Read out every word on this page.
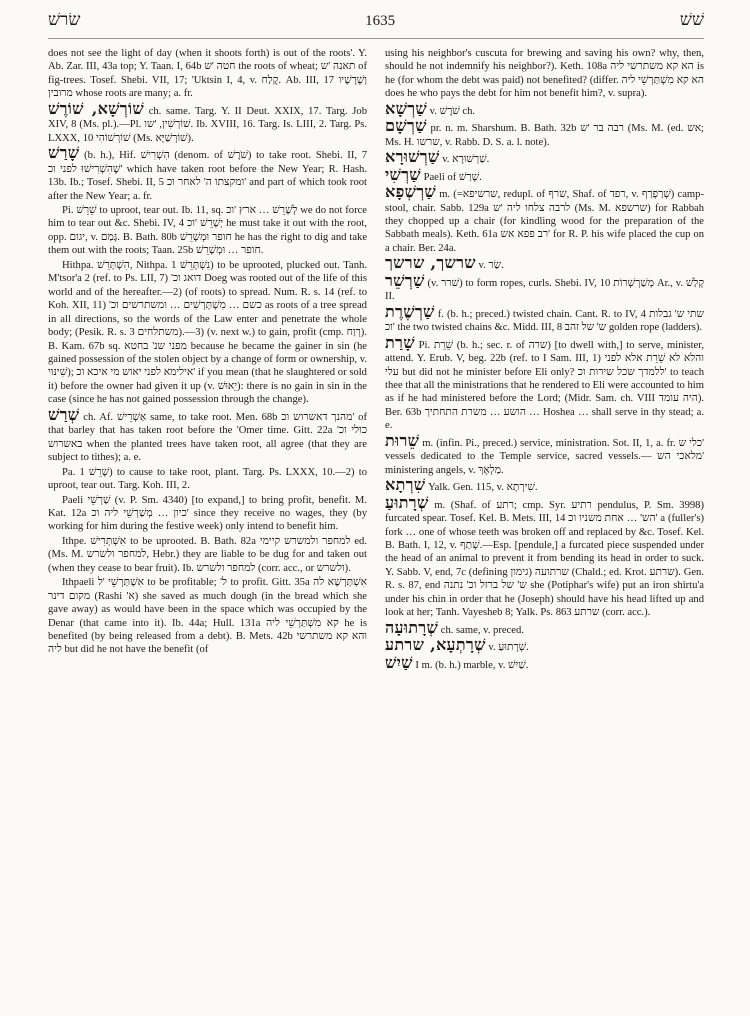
שׂרשׁ	1635	שׁשׁ

does not see the light of day (when it shoots forth) is out of the roots'. Y. Ab. Zar. III, 43a top; Y. Taan. I, 64b חטה 'ש the roots of wheat; תאנה 'ש of fig-trees. Tosef. Shebi. VII, 17; 'Uktsin I, 4, v. קֶלַח. Ab. III, 17 וְשָׁרָשָׁיו מרובין whose roots are many; a. fr.

שׁוֹרְשָׁא, שׁוֹרֶשׁ ch. same. Targ. Y. II Deut. XXIX, 17. Targ. Job XIV, 8 (Ms. pl.).—Pl. שׁוֹרְשִׁין, 'שו. Ib. XVIII, 16. Targ. Is. LIII, 2. Targ. Ps. LXXX, 10 שׁוֹרְשׁוֹהִי (Ms. שׁוֹרְשַׁיָּא).

שָׁרַשׁ (b. h.), Hif. הִשְׁרִישׁ (denom. of שֹׁרֶשׁ) to take root. Shebi. II, 7 שֶׁהִשְׁרִישׁוּ לפני וכ' which have taken root before the New Year; R. Hash. 13b. Ib.; Tosef. Shebi. II, 5 ומקצתו ה' לאחר וכ' and part of which took root after the New Year; a. fr.

Pi. שֵׁרֵשׁ to uproot, tear out. Ib. 11, sq. לְשָׁרֵשׁ … ארץ 'וכ we do not force him to tear out &c. Shebi. IV, 4 יְשָׁרֵשׁ 'וכ he must take it out with the root, opp. יגום, v. גָּמַם. B. Bath. 80b חופר וּמְשָׁרֵשׁ he has the right to dig and take them out with the roots; Taan. 25b חופר … וּמְשָׁרֵשׁ.

Hithpa. הִשְׁתָּרֵשׁ, Nithpa. נִשְׁתָּרֵשׁ 1) to be uprooted, plucked out. Tanh. M'tsor'a 2 (ref. to Ps. LII, 7) 'דואג וכ Doeg was rooted out of the life of this world and of the hereafter.—2) (of roots) to spread. Num. R. s. 14 (ref. to Koh. XII, 11) 'כשם … מִשְׁתָּרְשִׁים … ומשתרשים וכ as roots of a tree spread in all directions, so the words of the Law enter and penetrate the whole body; (Pesik. R. s. 3 משתלחים).—3) (v. next w.) to gain, profit (cmp. רְוַח). B. Kam. 67b sq. מפני שנ' בחטא because he became the gainer in sin (he gained possession of the stolen object by a change of form or ownership, v. שִׁינּוּי); אילימא לפני יאוש מי איכא וכ' if you mean (that he slaughtered or sold it) before the owner had given it up (v. יֵאוּשׁ): there is no gain in sin in the case (since he has not gained possession through the change).

שְׁרַשׁ ch. Af. אַשְׁרֵישׁ same, to take root. Men. 68b מהנך דאשרוש וכ' of that barley that has taken root before the 'Omer time. Gitt. 22a כולי וכ' באשרוש when the planted trees have taken root, all agree (that they are subject to tithes); a. e.

Pa. שָׁרֵשׁ 1) to cause to take root, plant. Targ. Ps. LXXX, 10.—2) to uproot, tear out. Targ. Koh. III, 2.

Paeli שַׁרְשֵׁי (v. P. Sm. 4340) [to expand,] to bring profit, benefit. M. Kat. 12a כיון … מְשַׁרְשֵׁי ליה וכ' since they receive no wages, they (by working for him during the festive week) only intend to benefit him.

Ithpe. אִשְׁתְּרִישׁ to be uprooted. B. Bath. 82a למחפר ולמשרש קיימי ed. (Ms. M. למחפר ולשרש, Hebr.) they are liable to be dug for and taken out (when they cease to bear fruit). Ib. למחפר ולשרש (corr. acc., or ולשרש).

Ithpaeli אִשְׁתַּרְשֵׁי 'ל to be profitable; 'ל to profit. Gitt. 35a אִשְׁתַּרְשָׁא לה מקום דינר (Rashi 'א) she saved as much dough (in the bread which she gave away) as would have been in the space which was occupied by the Denar (that came into it). Ib. 44a; Hull. 131a קא מִשְׁתַּרְשֵׁי ליה he is benefited (by being released from a debt). B. Mets. 42b והא קא משתרשי ליה but did he not have the benefit (of

using his neighbor's cuscuta for brewing and saving his own? why, then, should he not indemnify his neighbor?). Keth. 108a הא קא משתרשי ליה is he (for whom the debt was paid) not benefited? (differ. הא קא מִשְׁתַּרְשֵׁי ליה does he who pays the debt for him not benefit him?, v. supra).

שַׁרְשָׁא v. שֹׁרֶשׁ ch.

שַׁרְשָׁם pr. n. m. Sharshum. B. Bath. 32b רבה בר 'ש (Ms. M. (ed. אש; Ms. H. שרשו, v. Rabb. D. S. a. l. note).

שַׁרְשׁוּרָא v. שַׁרְשׁוּרָא.

שַׁרְשִׁי Paeli of שָׁרַשׁ.

שַׁרְשְׁפָא m. (=שרשיפא, redupl. of שרף, Shaf. of רפד, v. שְׁרַפְרַף) camp-stool, chair. Sabb. 129a לרבה צלחו ליה 'ש (Ms. M. שרשפא) for Rabbah they chopped up a chair (for kindling wood for the preparation of the Sabbath meals). Keth. 61a רב פפא אש' for R. P. his wife placed the cup on a chair. Ber. 24a.

שרשך, שרשך v. שַׂר.

שַׁרְשֵׁר (v. שׁרר) to form ropes, curls. Shebi. IV, 10 מְשַׁרְשְׁרוֹת Ar., v. קָלַשׁ II.

שַׁרְשֶׁרֶת f. (b. h.; preced.) twisted chain. Cant. R. to IV, 4 שתי ש' גבלות וכ' the two twisted chains &c. Midd. III, 8 ש' של זהב golden rope (ladders).

שָׁרַת Pi. שֵׁרֵת (b. h.; sec. r. of שרה) [to dwell with,] to serve, minister, attend. Y. Erub. V, beg. 22b (ref. to I Sam. III, 1) והלא לא שֵׁרֵת אלא לפני עלי but did not he minister before Eli only? ללמדך שכל שירות וכ' to teach thee that all the ministrations that he rendered to Eli were accounted to him as if he had ministered before the Lord; (Midr. Sam. ch. VIII היה עומד). Ber. 63b הושע … משרת התחתיך … Hoshea … shall serve in thy stead; a. e.

שֵׁרוּת m. (infin. Pi., preced.) service, ministration. Sot. II, 1, a. fr. כלי ש' vessels dedicated to the Temple service, sacred vessels.— מלאכי הש' ministering angels, v. מַלְאָךְ.

שִׁרְתָא Yalk. Gen. 115, v. שִׁירְתָא.

שְׁרָתוּעַ m. (Shaf. of רתע; cmp. Syr. רתיע pendulus, P. Sm. 3998) furcated spear. Tosef. Kel. B. Mets. III, 14 הש' … אחת משניו וכ' a (fuller's) fork … one of whose teeth was broken off and replaced by &c. Tosef. Kel. B. Bath. I, 12, v. שְׁתַף.—Esp. [pendule,] a furcated piece suspended under the head of an animal to prevent it from bending its head in order to suck. Y. Sabb. V, end, 7c (defining שרתועה (גימון (Chald.; ed. Krot. שרתע). Gen. R. s. 87, end ש' של ברזל וכ' נתנה she (Potiphar's wife) put an iron shirtu'a under his chin in order that he (Joseph) should have his head lifted up and look at her; Tanh. Vayesheb 8; Yalk. Ps. 863 שרתע (corr. acc.).

שְׁרָתוּעָה ch. same, v. preced.

שְׁרָתְעָא, שרתע v. שְׁרָתוּעַ.

שַׁיִשׁ I m. (b. h.) marble, v. שַׁיִשׁ.
